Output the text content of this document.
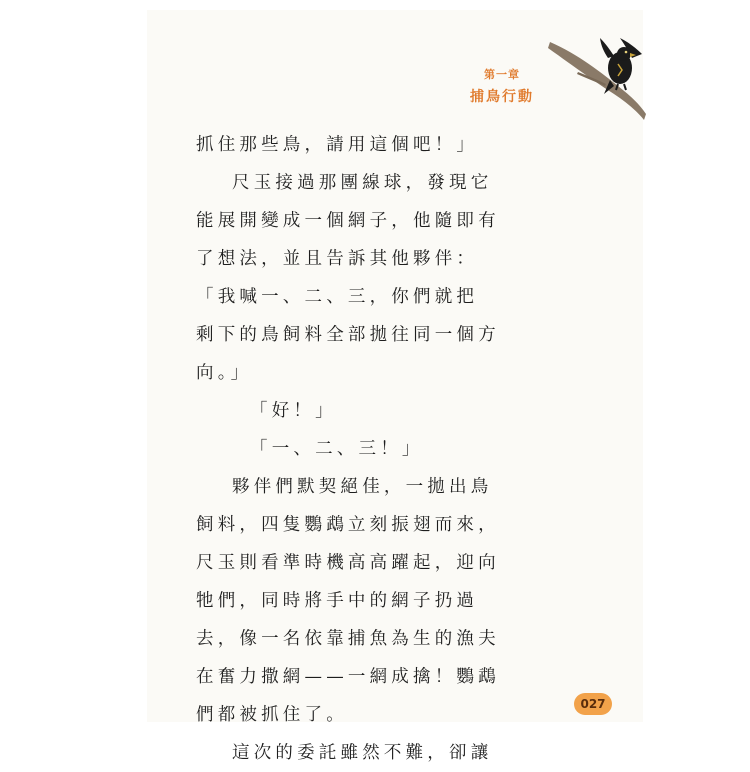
第一章
捕鳥行動
抓住那些鳥，請用這個吧！」
尺玉接過那團線球，發現它
能展開變成一個網子，他隨即有
了想法，並且告訴其他夥伴：
「我喊一、二、三，你們就把
剩下的鳥飼料全部拋往同一個方
向。」
「好！」
「一、二、三！」
夥伴們默契絕佳，一拋出鳥
飼料，四隻鸚鵡立刻振翅而來，
尺玉則看準時機高高躍起，迎向
牠們，同時將手中的網子扔過
去，像一名依靠捕魚為生的漁夫
在奮力撒網——一網成擒！鸚鵡
們都被抓住了。
這次的委託雖然不難，卻讓
027
